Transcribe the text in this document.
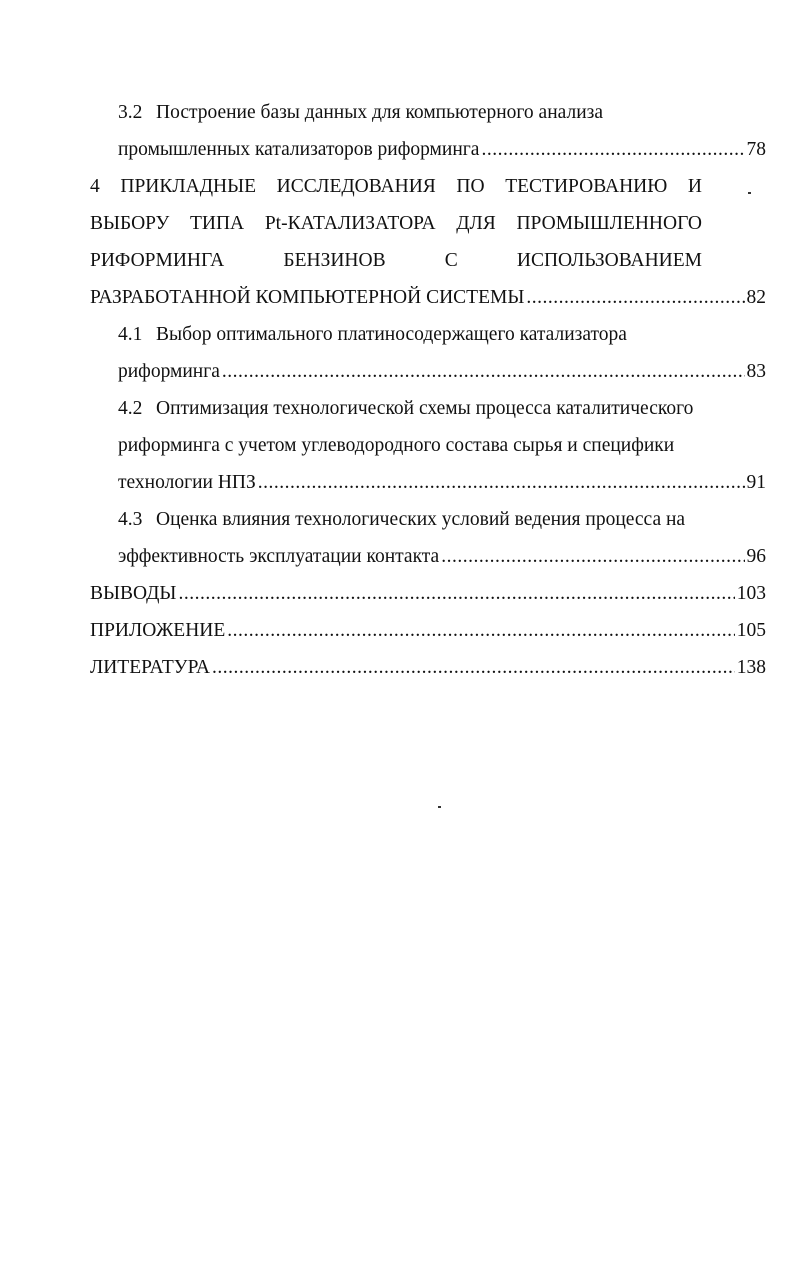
3.2 Построение базы данных для компьютерного анализа
промышленных катализаторов риформинга .....	78
4 ПРИКЛАДНЫЕ ИССЛЕДОВАНИЯ ПО ТЕСТИРОВАНИЮ И
ВЫБОРУ ТИПА Pt-КАТАЛИЗАТОРА ДЛЯ ПРОМЫШЛЕННОГО
РИФОРМИНГА	БЕНЗИНОВ	С	ИСПОЛЬЗОВАНИЕМ
РАЗРАБОТАННОЙ КОМПЬЮТЕРНОЙ СИСТЕМЫ .....	82
4.1 Выбор оптимального платиносодержащего катализатора
риформинга .....	83
4.2 Оптимизация технологической схемы процесса каталитического
риформинга с учетом углеводородного состава сырья и специфики
технологии НПЗ .....	91
4.3 Оценка влияния технологических условий ведения процесса на
эффективность эксплуатации контакта .....	96
ВЫВОДЫ .....	103
ПРИЛОЖЕНИЕ .....	105
ЛИТЕРАТУРА .....	138
